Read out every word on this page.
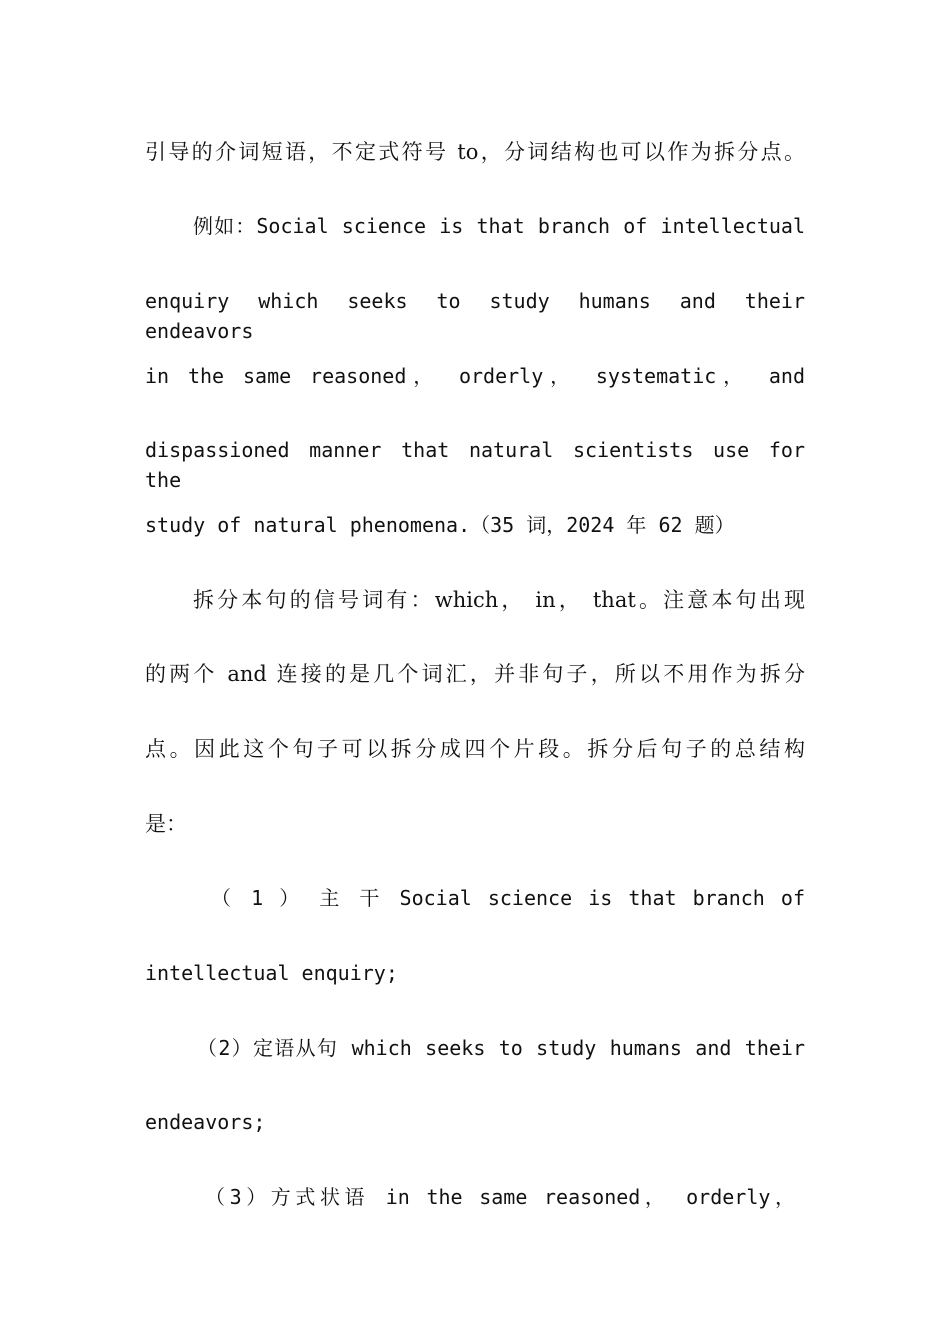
引导的介词短语，不定式符号 to，分词结构也可以作为拆分点。
例如：Social science is that branch of intellectual
enquiry which seeks to study humans and their endeavors
in the same reasoned， orderly， systematic， and
dispassioned manner that natural scientists use for the
study of natural phenomena.（35 词，2024 年 62 题）
拆分本句的信号词有：which， in， that。注意本句出现
的两个 and 连接的是几个词汇，并非句子，所以不用作为拆分
点。因此这个句子可以拆分成四个片段。拆分后句子的总结构
是：
（ 1 ） 主 干 Social science is that branch of
intellectual enquiry;
（2）定语从句 which seeks to study humans and their
endeavors;
（3）方式状语 in the same reasoned， orderly，
